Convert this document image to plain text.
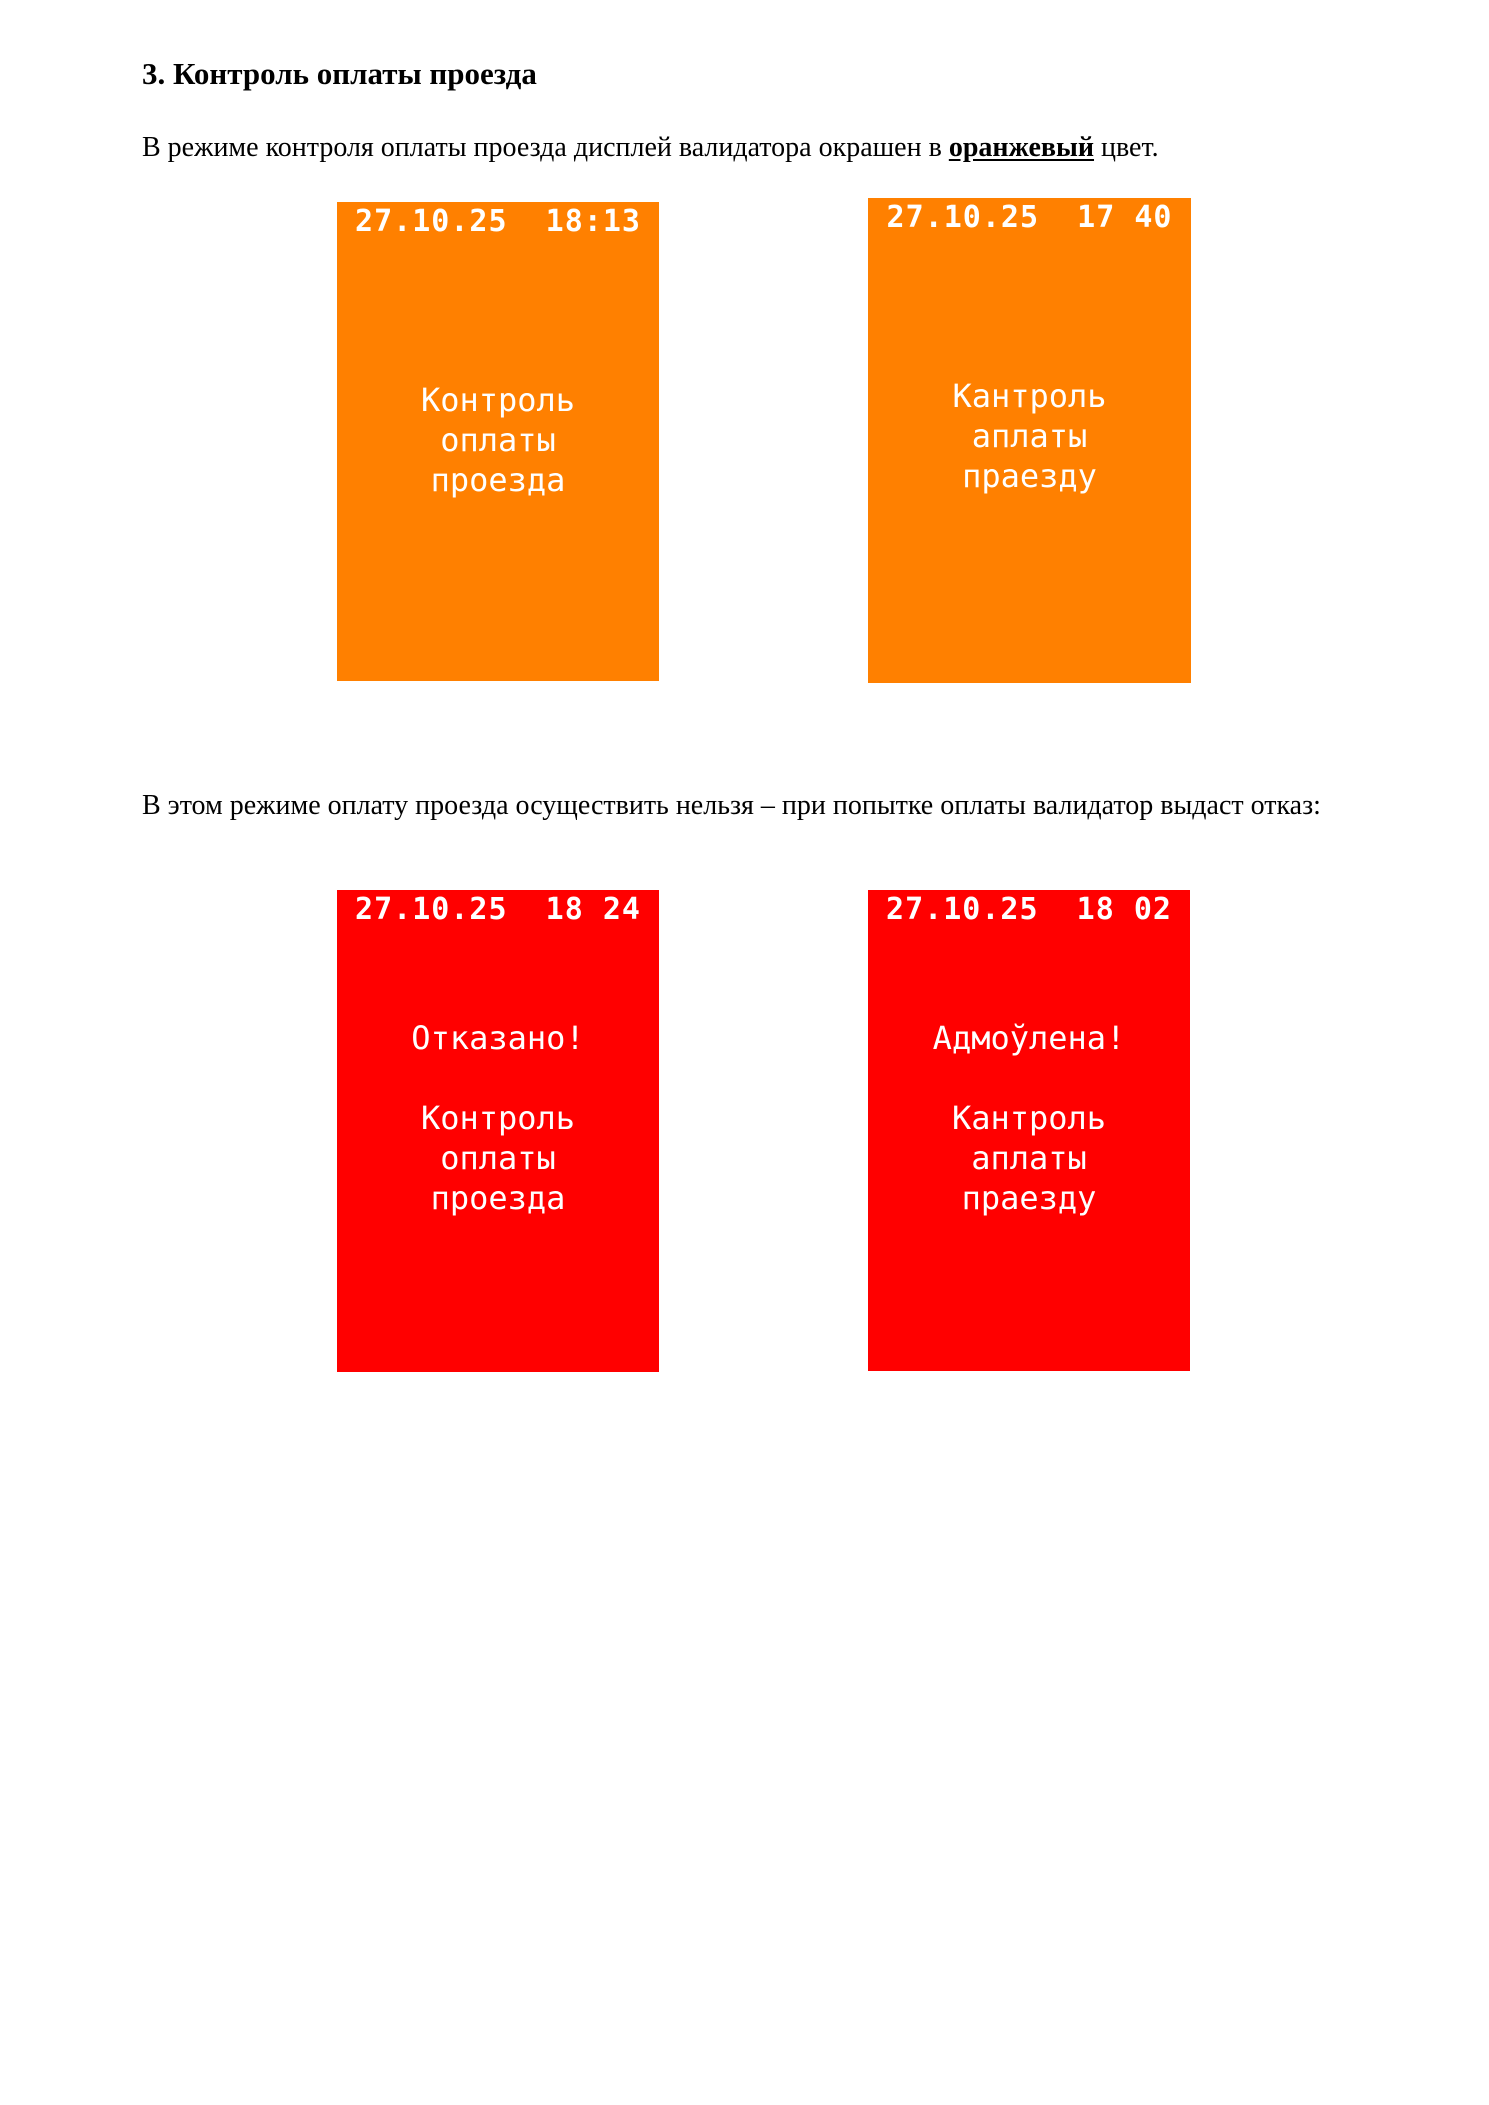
3. Контроль оплаты проезда

В режиме контроля оплаты проезда дисплей валидатора окрашен в оранжевый цвет.

27.10.25  18:13
Контроль
оплаты
проезда
27.10.25  17 40
Кантроль
аплаты
праезду

В этом режиме оплату проезда осуществить нельзя – при попытке оплаты валидатор выдаст отказ:

27.10.25  18 24
Отказано!
Контроль
оплаты
проезда
27.10.25  18 02
Адмоўлена!
Кантроль
аплаты
праезду
